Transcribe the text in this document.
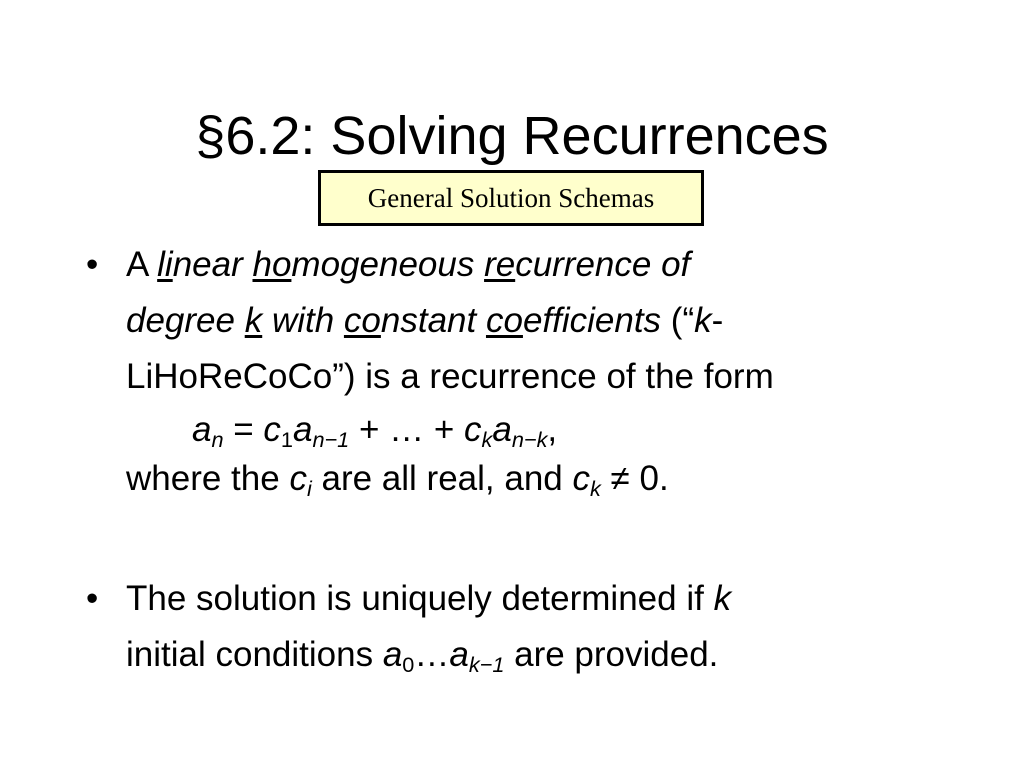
§6.2: Solving Recurrences
General Solution Schemas
• A linear homogeneous recurrence of
degree k with constant coefficients (“k-
LiHoReCoCo”) is a recurrence of the form
$a_n = c_1a_{n-1}$ + … + $c_ka_{n-k}$,
where the $c_i$ are all real, and $c_k \ne 0$.
• The solution is uniquely determined if k
initial conditions $a_0\dots a_{k-1}$ are provided.
